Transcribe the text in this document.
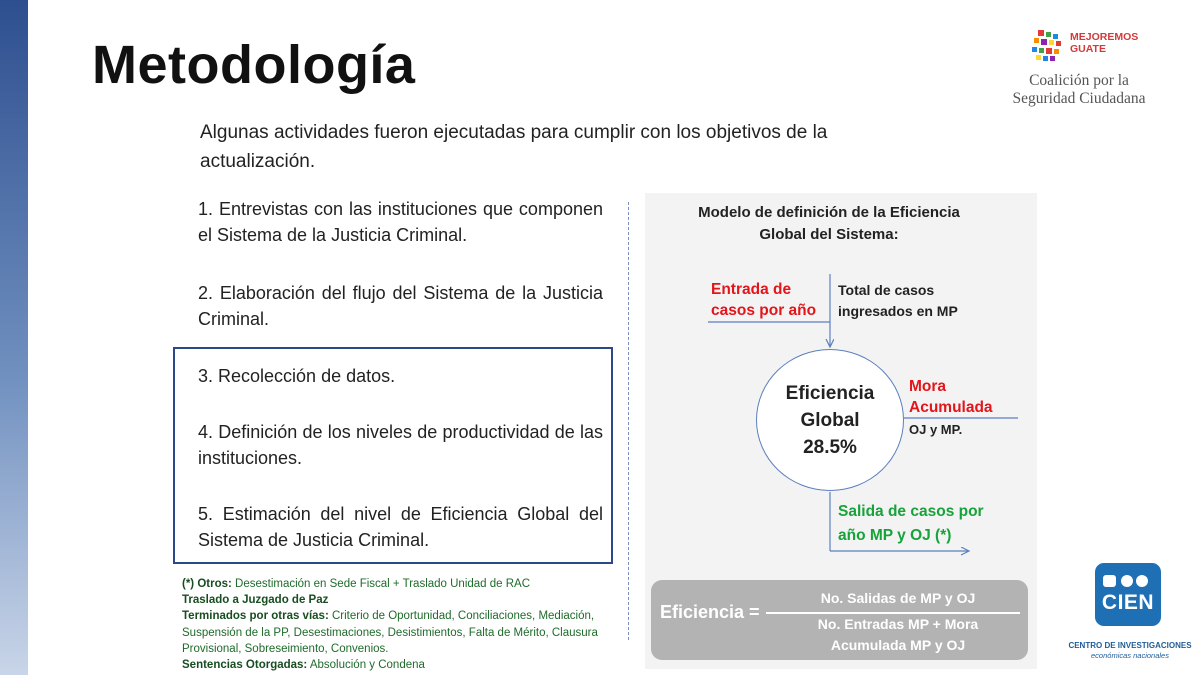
Metodología
Algunas actividades fueron ejecutadas para cumplir con los objetivos de la actualización.
1. Entrevistas con las instituciones que componen el Sistema de la Justicia Criminal.
2. Elaboración del flujo del Sistema de la Justicia Criminal.
3. Recolección de datos.
4. Definición de los niveles de productividad de las instituciones.
5. Estimación del nivel de Eficiencia Global del Sistema de Justicia Criminal.
(*) Otros: Desestimación en Sede Fiscal + Traslado Unidad de RAC
Traslado a Juzgado de Paz
Terminados por otras vías: Criterio de Oportunidad, Conciliaciones, Mediación, Suspensión de la PP, Desestimaciones, Desistimientos, Falta de Mérito, Clausura Provisional, Sobreseimiento, Convenios.
Sentencias Otorgadas: Absolución y Condena
Modelo de definición de la Eficiencia
Global del Sistema:
Entrada de
casos por año
Total de casos
ingresados en MP
Eficiencia
Global
28.5%
Mora
Acumulada
OJ y MP.
Salida de casos por
año MP y OJ (*)
Eficiencia =
No. Salidas de MP y OJ
No. Entradas MP + Mora
Acumulada MP y OJ
MEJOREMOS
GUATE
Coalición por la
Seguridad Ciudadana
CIEN
CENTRO DE INVESTIGACIONES
económicas nacionales
